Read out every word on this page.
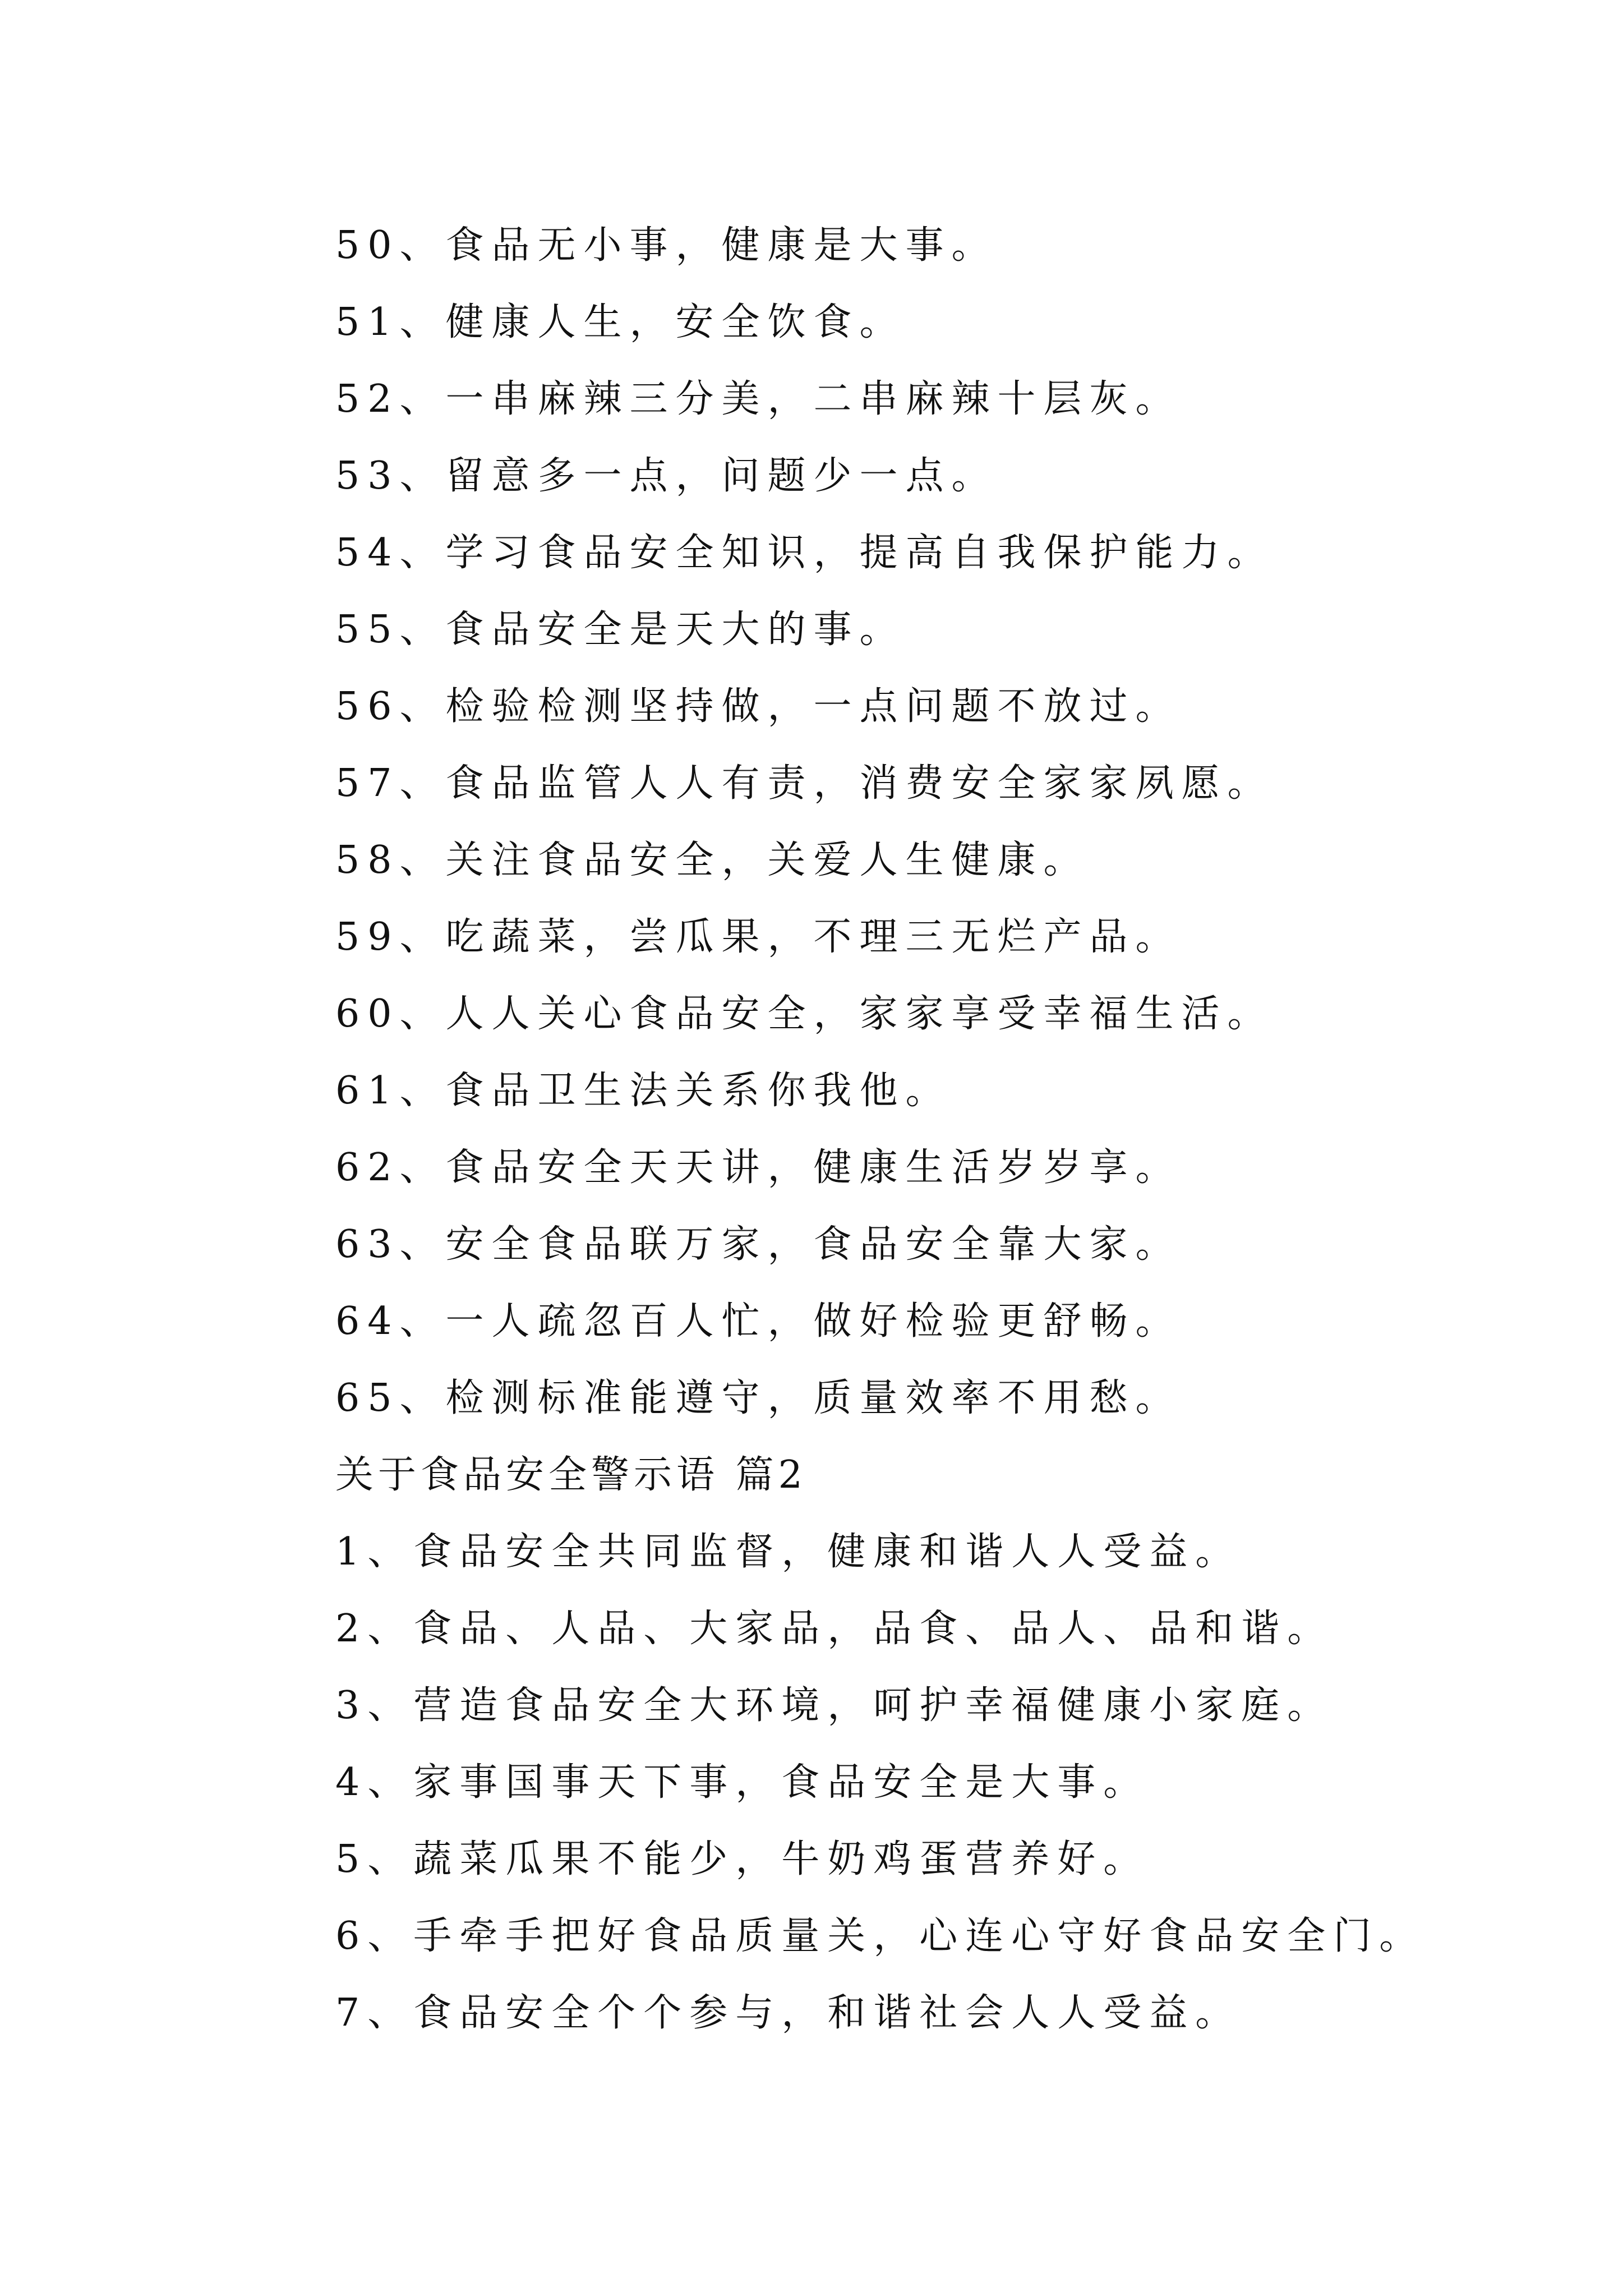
50、食品无小事，健康是大事。
51、健康人生，安全饮食。
52、一串麻辣三分美，二串麻辣十层灰。
53、留意多一点，问题少一点。
54、学习食品安全知识，提高自我保护能力。
55、食品安全是天大的事。
56、检验检测坚持做，一点问题不放过。
57、食品监管人人有责，消费安全家家夙愿。
58、关注食品安全，关爱人生健康。
59、吃蔬菜，尝瓜果，不理三无烂产品。
60、人人关心食品安全，家家享受幸福生活。
61、食品卫生法关系你我他。
62、食品安全天天讲，健康生活岁岁享。
63、安全食品联万家，食品安全靠大家。
64、一人疏忽百人忙，做好检验更舒畅。
65、检测标准能遵守，质量效率不用愁。
关于食品安全警示语 篇2
1、食品安全共同监督，健康和谐人人受益。
2、食品、人品、大家品，品食、品人、品和谐。
3、营造食品安全大环境，呵护幸福健康小家庭。
4、家事国事天下事，食品安全是大事。
5、蔬菜瓜果不能少，牛奶鸡蛋营养好。
6、手牵手把好食品质量关，心连心守好食品安全门。
7、食品安全个个参与，和谐社会人人受益。
